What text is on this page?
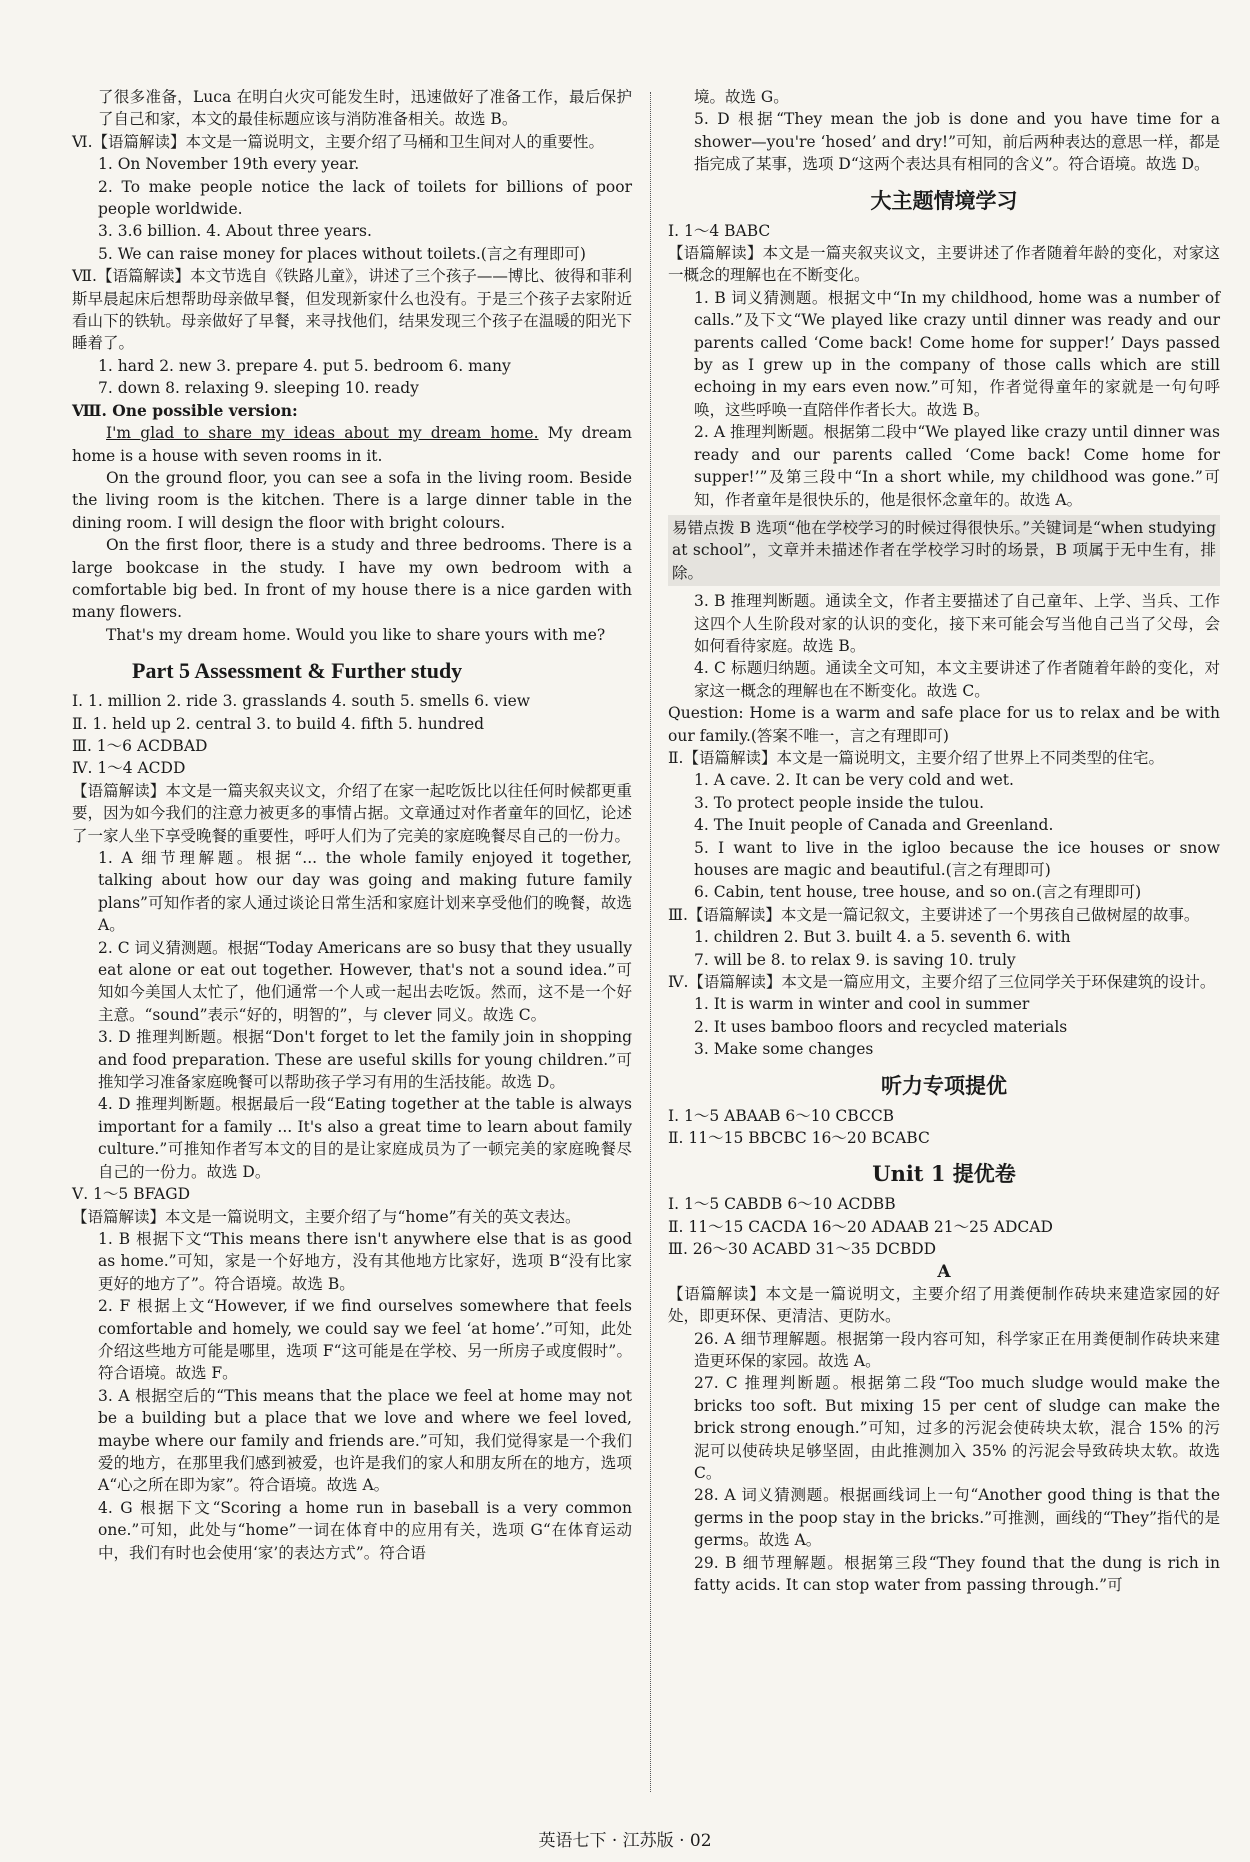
了很多准备，Luca 在明白火灾可能发生时，迅速做好了准备工作，最后保护了自己和家，本文的最佳标题应该与消防准备相关。故选 B。

Ⅵ.【语篇解读】本文是一篇说明文，主要介绍了马桶和卫生间对人的重要性。

1. On November 19th every year.

2. To make people notice the lack of toilets for billions of poor people worldwide.

3. 3.6 billion. 4. About three years.

5. We can raise money for places without toilets.(言之有理即可)

Ⅶ.【语篇解读】本文节选自《铁路儿童》，讲述了三个孩子——博比、彼得和菲利斯早晨起床后想帮助母亲做早餐，但发现新家什么也没有。于是三个孩子去家附近看山下的铁轨。母亲做好了早餐，来寻找他们，结果发现三个孩子在温暖的阳光下睡着了。

1. hard 2. new 3. prepare 4. put 5. bedroom 6. many

7. down 8. relaxing 9. sleeping 10. ready

Ⅷ. One possible version:

I'm glad to share my ideas about my dream home. My dream home is a house with seven rooms in it.

On the ground floor, you can see a sofa in the living room. Beside the living room is the kitchen. There is a large dinner table in the dining room. I will design the floor with bright colours.

On the first floor, there is a study and three bedrooms. There is a large bookcase in the study. I have my own bedroom with a comfortable big bed. In front of my house there is a nice garden with many flowers.

That's my dream home. Would you like to share yours with me?

Part 5 Assessment & Further study

Ⅰ. 1. million 2. ride 3. grasslands 4. south 5. smells 6. view

Ⅱ. 1. held up 2. central 3. to build 4. fifth 5. hundred

Ⅲ. 1～6 ACDBAD

Ⅳ. 1～4 ACDD

【语篇解读】本文是一篇夹叙夹议文，介绍了在家一起吃饭比以往任何时候都更重要，因为如今我们的注意力被更多的事情占据。文章通过对作者童年的回忆，论述了一家人坐下享受晚餐的重要性，呼吁人们为了完美的家庭晚餐尽自己的一份力。

1. A 细节理解题。根据“... the whole family enjoyed it together, talking about how our day was going and making future family plans”可知作者的家人通过谈论日常生活和家庭计划来享受他们的晚餐，故选 A。

2. C 词义猜测题。根据“Today Americans are so busy that they usually eat alone or eat out together. However, that's not a sound idea.”可知如今美国人太忙了，他们通常一个人或一起出去吃饭。然而，这不是一个好主意。“sound”表示“好的，明智的”，与 clever 同义。故选 C。

3. D 推理判断题。根据“Don't forget to let the family join in shopping and food preparation. These are useful skills for young children.”可推知学习准备家庭晚餐可以帮助孩子学习有用的生活技能。故选 D。

4. D 推理判断题。根据最后一段“Eating together at the table is always important for a family ... It's also a great time to learn about family culture.”可推知作者写本文的目的是让家庭成员为了一顿完美的家庭晚餐尽自己的一份力。故选 D。

Ⅴ. 1～5 BFAGD

【语篇解读】本文是一篇说明文，主要介绍了与“home”有关的英文表达。

1. B 根据下文“This means there isn't anywhere else that is as good as home.”可知，家是一个好地方，没有其他地方比家好，选项 B“没有比家更好的地方了”。符合语境。故选 B。

2. F 根据上文“However, if we find ourselves somewhere that feels comfortable and homely, we could say we feel ‘at home’.”可知，此处介绍这些地方可能是哪里，选项 F“这可能是在学校、另一所房子或度假时”。符合语境。故选 F。

3. A 根据空后的“This means that the place we feel at home may not be a building but a place that we love and where we feel loved, maybe where our family and friends are.”可知，我们觉得家是一个我们爱的地方，在那里我们感到被爱，也许是我们的家人和朋友所在的地方，选项 A“心之所在即为家”。符合语境。故选 A。

4. G 根据下文“Scoring a home run in baseball is a very common one.”可知，此处与“home”一词在体育中的应用有关，选项 G“在体育运动中，我们有时也会使用‘家’的表达方式”。符合语

境。故选 G。

5. D 根据“They mean the job is done and you have time for a shower—you're ‘hosed’ and dry!”可知，前后两种表达的意思一样，都是指完成了某事，选项 D“这两个表达具有相同的含义”。符合语境。故选 D。

大主题情境学习

Ⅰ. 1～4 BABC

【语篇解读】本文是一篇夹叙夹议文，主要讲述了作者随着年龄的变化，对家这一概念的理解也在不断变化。

1. B 词义猜测题。根据文中“In my childhood, home was a number of calls.”及下文“We played like crazy until dinner was ready and our parents called ‘Come back! Come home for supper!’ Days passed by as I grew up in the company of those calls which are still echoing in my ears even now.”可知，作者觉得童年的家就是一句句呼唤，这些呼唤一直陪伴作者长大。故选 B。

2. A 推理判断题。根据第二段中“We played like crazy until dinner was ready and our parents called ‘Come back! Come home for supper!’”及第三段中“In a short while, my childhood was gone.”可知，作者童年是很快乐的，他是很怀念童年的。故选 A。

易错点拨 B 选项“他在学校学习的时候过得很快乐。”关键词是“when studying at school”，文章并未描述作者在学校学习时的场景，B 项属于无中生有，排除。

3. B 推理判断题。通读全文，作者主要描述了自己童年、上学、当兵、工作这四个人生阶段对家的认识的变化，接下来可能会写当他自己当了父母，会如何看待家庭。故选 B。

4. C 标题归纳题。通读全文可知，本文主要讲述了作者随着年龄的变化，对家这一概念的理解也在不断变化。故选 C。

Question: Home is a warm and safe place for us to relax and be with our family.(答案不唯一，言之有理即可)

Ⅱ.【语篇解读】本文是一篇说明文，主要介绍了世界上不同类型的住宅。

1. A cave. 2. It can be very cold and wet.

3. To protect people inside the tulou.

4. The Inuit people of Canada and Greenland.

5. I want to live in the igloo because the ice houses or snow houses are magic and beautiful.(言之有理即可)

6. Cabin, tent house, tree house, and so on.(言之有理即可)

Ⅲ.【语篇解读】本文是一篇记叙文，主要讲述了一个男孩自己做树屋的故事。

1. children 2. But 3. built 4. a 5. seventh 6. with

7. will be 8. to relax 9. is saving 10. truly

Ⅳ.【语篇解读】本文是一篇应用文，主要介绍了三位同学关于环保建筑的设计。

1. It is warm in winter and cool in summer

2. It uses bamboo floors and recycled materials

3. Make some changes

听力专项提优

Ⅰ. 1～5 ABAAB 6～10 CBCCB

Ⅱ. 11～15 BBCBC 16～20 BCABC

Unit 1 提优卷

Ⅰ. 1～5 CABDB 6～10 ACDBB

Ⅱ. 11～15 CACDA 16～20 ADAAB 21～25 ADCAD

Ⅲ. 26～30 ACABD 31～35 DCBDD

A

【语篇解读】本文是一篇说明文，主要介绍了用粪便制作砖块来建造家园的好处，即更环保、更清洁、更防水。

26. A 细节理解题。根据第一段内容可知，科学家正在用粪便制作砖块来建造更环保的家园。故选 A。

27. C 推理判断题。根据第二段“Too much sludge would make the bricks too soft. But mixing 15 per cent of sludge can make the brick strong enough.”可知，过多的污泥会使砖块太软，混合 15% 的污泥可以使砖块足够坚固，由此推测加入 35% 的污泥会导致砖块太软。故选 C。

28. A 词义猜测题。根据画线词上一句“Another good thing is that the germs in the poop stay in the bricks.”可推测，画线的“They”指代的是 germs。故选 A。

29. B 细节理解题。根据第三段“They found that the dung is rich in fatty acids. It can stop water from passing through.”可

英语七下 · 江苏版 · 02
